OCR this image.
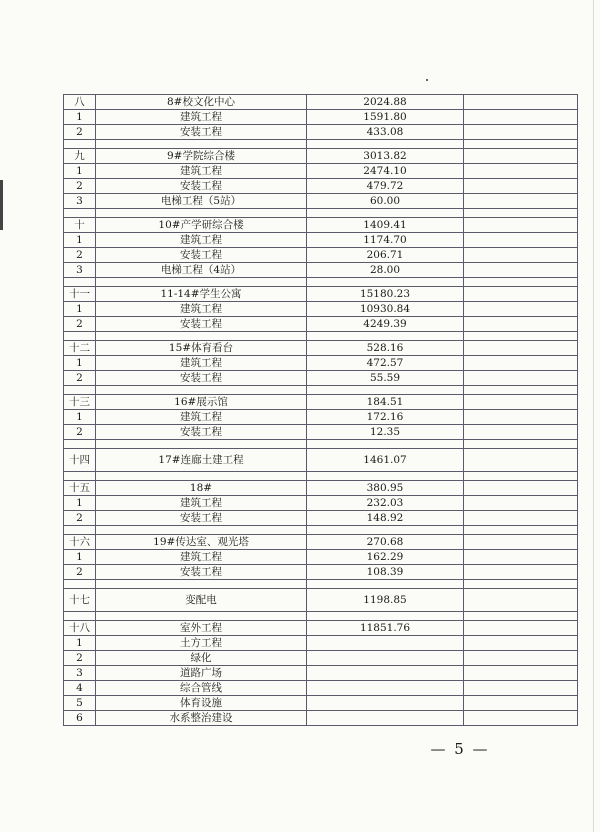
八	8#校文化中心	2024.88
1	建筑工程	1591.80
2	安装工程	433.08
九	9#学院综合楼	3013.82
1	建筑工程	2474.10
2	安装工程	479.72
3	电梯工程（5站）	60.00
十	10#产学研综合楼	1409.41
1	建筑工程	1174.70
2	安装工程	206.71
3	电梯工程（4站）	28.00
十一	11-14#学生公寓	15180.23
1	建筑工程	10930.84
2	安装工程	4249.39
十二	15#体育看台	528.16
1	建筑工程	472.57
2	安装工程	55.59
十三	16#展示馆	184.51
1	建筑工程	172.16
2	安装工程	12.35
十四	17#连廊土建工程	1461.07
十五	18#	380.95
1	建筑工程	232.03
2	安装工程	148.92
十六	19#传达室、观光塔	270.68
1	建筑工程	162.29
2	安装工程	108.39
十七	变配电	1198.85
十八	室外工程	11851.76
1	土方工程
2	绿化
3	道路广场
4	综合管线
5	体育设施
6	水系整治建设
— 5 —
